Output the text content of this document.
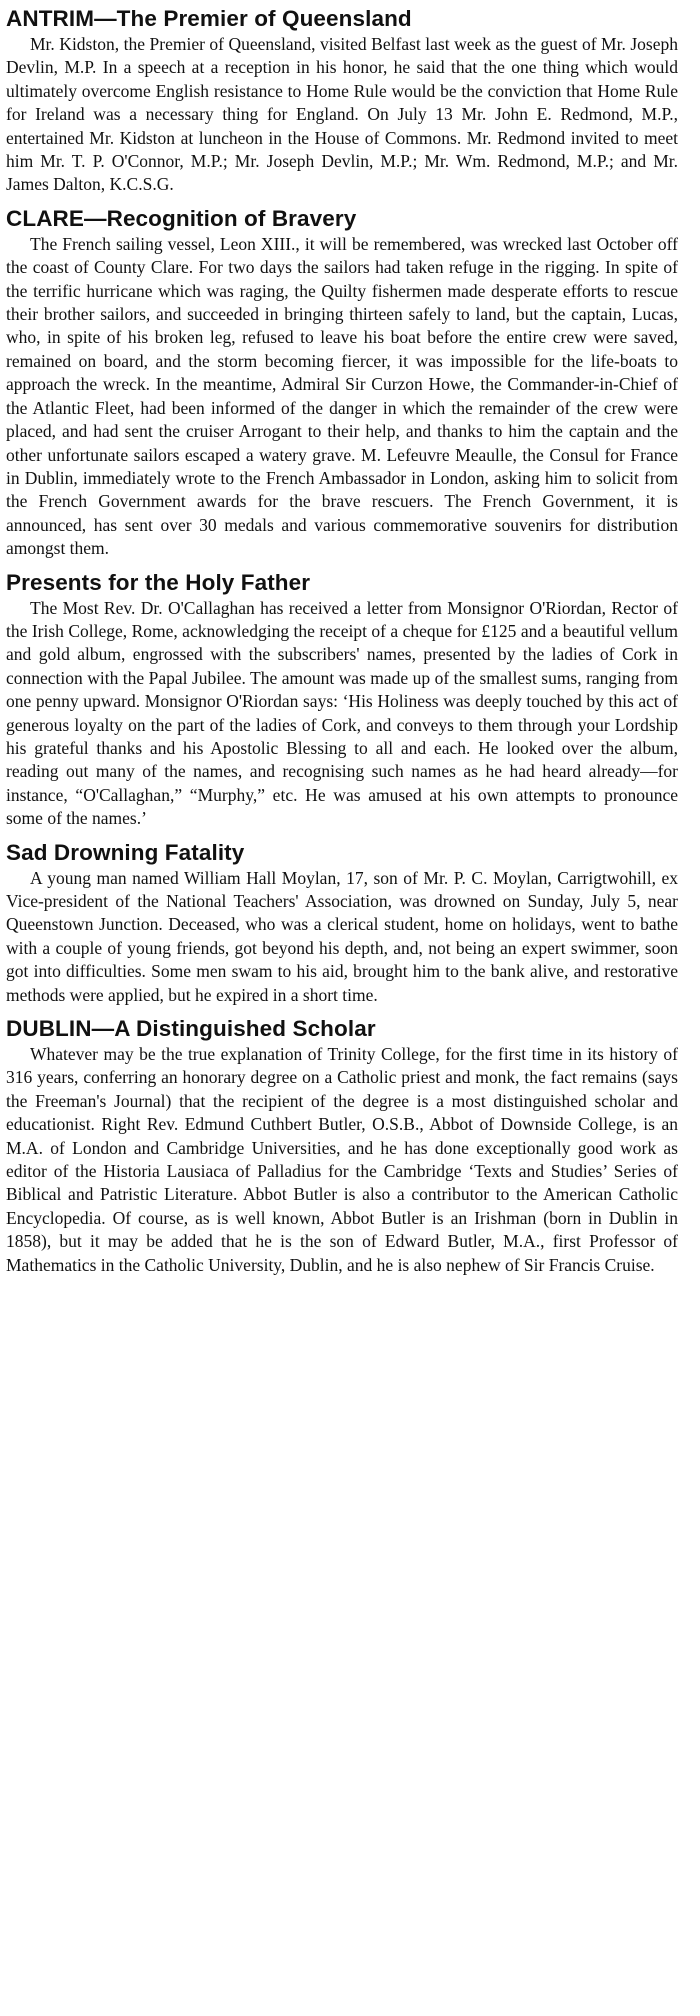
ANTRIM—The Premier of Queensland

Mr. Kidston, the Premier of Queensland, visited Belfast last week as the guest of Mr. Joseph Devlin, M.P. In a speech at a reception in his honor, he said that the one thing which would ultimately overcome English resistance to Home Rule would be the conviction that Home Rule for Ireland was a necessary thing for England. On July 13 Mr. John E. Redmond, M.P., entertained Mr. Kidston at luncheon in the House of Commons. Mr. Redmond invited to meet him Mr. T. P. O'Connor, M.P.; Mr. Joseph Devlin, M.P.; Mr. Wm. Redmond, M.P.; and Mr. James Dalton, K.C.S.G.

CLARE—Recognition of Bravery

The French sailing vessel, Leon XIII., it will be remembered, was wrecked last October off the coast of County Clare. For two days the sailors had taken refuge in the rigging. In spite of the terrific hurricane which was raging, the Quilty fishermen made desperate efforts to rescue their brother sailors, and succeeded in bringing thirteen safely to land, but the captain, Lucas, who, in spite of his broken leg, refused to leave his boat before the entire crew were saved, remained on board, and the storm becoming fiercer, it was impossible for the life-boats to approach the wreck. In the meantime, Admiral Sir Curzon Howe, the Commander-in-Chief of the Atlantic Fleet, had been informed of the danger in which the remainder of the crew were placed, and had sent the cruiser Arrogant to their help, and thanks to him the captain and the other unfortunate sailors escaped a watery grave. M. Lefeuvre Meaulle, the Consul for France in Dublin, immediately wrote to the French Ambassador in London, asking him to solicit from the French Government awards for the brave rescuers. The French Government, it is announced, has sent over 30 medals and various commemorative souvenirs for distribution amongst them.

Presents for the Holy Father

The Most Rev. Dr. O'Callaghan has received a letter from Monsignor O'Riordan, Rector of the Irish College, Rome, acknowledging the receipt of a cheque for £125 and a beautiful vellum and gold album, engrossed with the subscribers' names, presented by the ladies of Cork in connection with the Papal Jubilee. The amount was made up of the smallest sums, ranging from one penny upward. Monsignor O'Riordan says: ‘His Holiness was deeply touched by this act of generous loyalty on the part of the ladies of Cork, and conveys to them through your Lordship his grateful thanks and his Apostolic Blessing to all and each. He looked over the album, reading out many of the names, and recognising such names as he had heard already—for instance, “O'Callaghan,” “Murphy,” etc. He was amused at his own attempts to pronounce some of the names.’

Sad Drowning Fatality

A young man named William Hall Moylan, 17, son of Mr. P. C. Moylan, Carrigtwohill, ex Vice-president of the National Teachers' Association, was drowned on Sunday, July 5, near Queenstown Junction. Deceased, who was a clerical student, home on holidays, went to bathe with a couple of young friends, got beyond his depth, and, not being an expert swimmer, soon got into difficulties. Some men swam to his aid, brought him to the bank alive, and restorative methods were applied, but he expired in a short time.

DUBLIN—A Distinguished Scholar

Whatever may be the true explanation of Trinity College, for the first time in its history of 316 years, conferring an honorary degree on a Catholic priest and monk, the fact remains (says the Freeman's Journal) that the recipient of the degree is a most distinguished scholar and educationist. Right Rev. Edmund Cuthbert Butler, O.S.B., Abbot of Downside College, is an M.A. of London and Cambridge Universities, and he has done exceptionally good work as editor of the Historia Lausiaca of Palladius for the Cambridge ‘Texts and Studies’ Series of Biblical and Patristic Literature. Abbot Butler is also a contributor to the American Catholic Encyclopedia. Of course, as is well known, Abbot Butler is an Irishman (born in Dublin in 1858), but it may be added that he is the son of Edward Butler, M.A., first Professor of Mathematics in the Catholic University, Dublin, and he is also nephew of Sir Francis Cruise.
